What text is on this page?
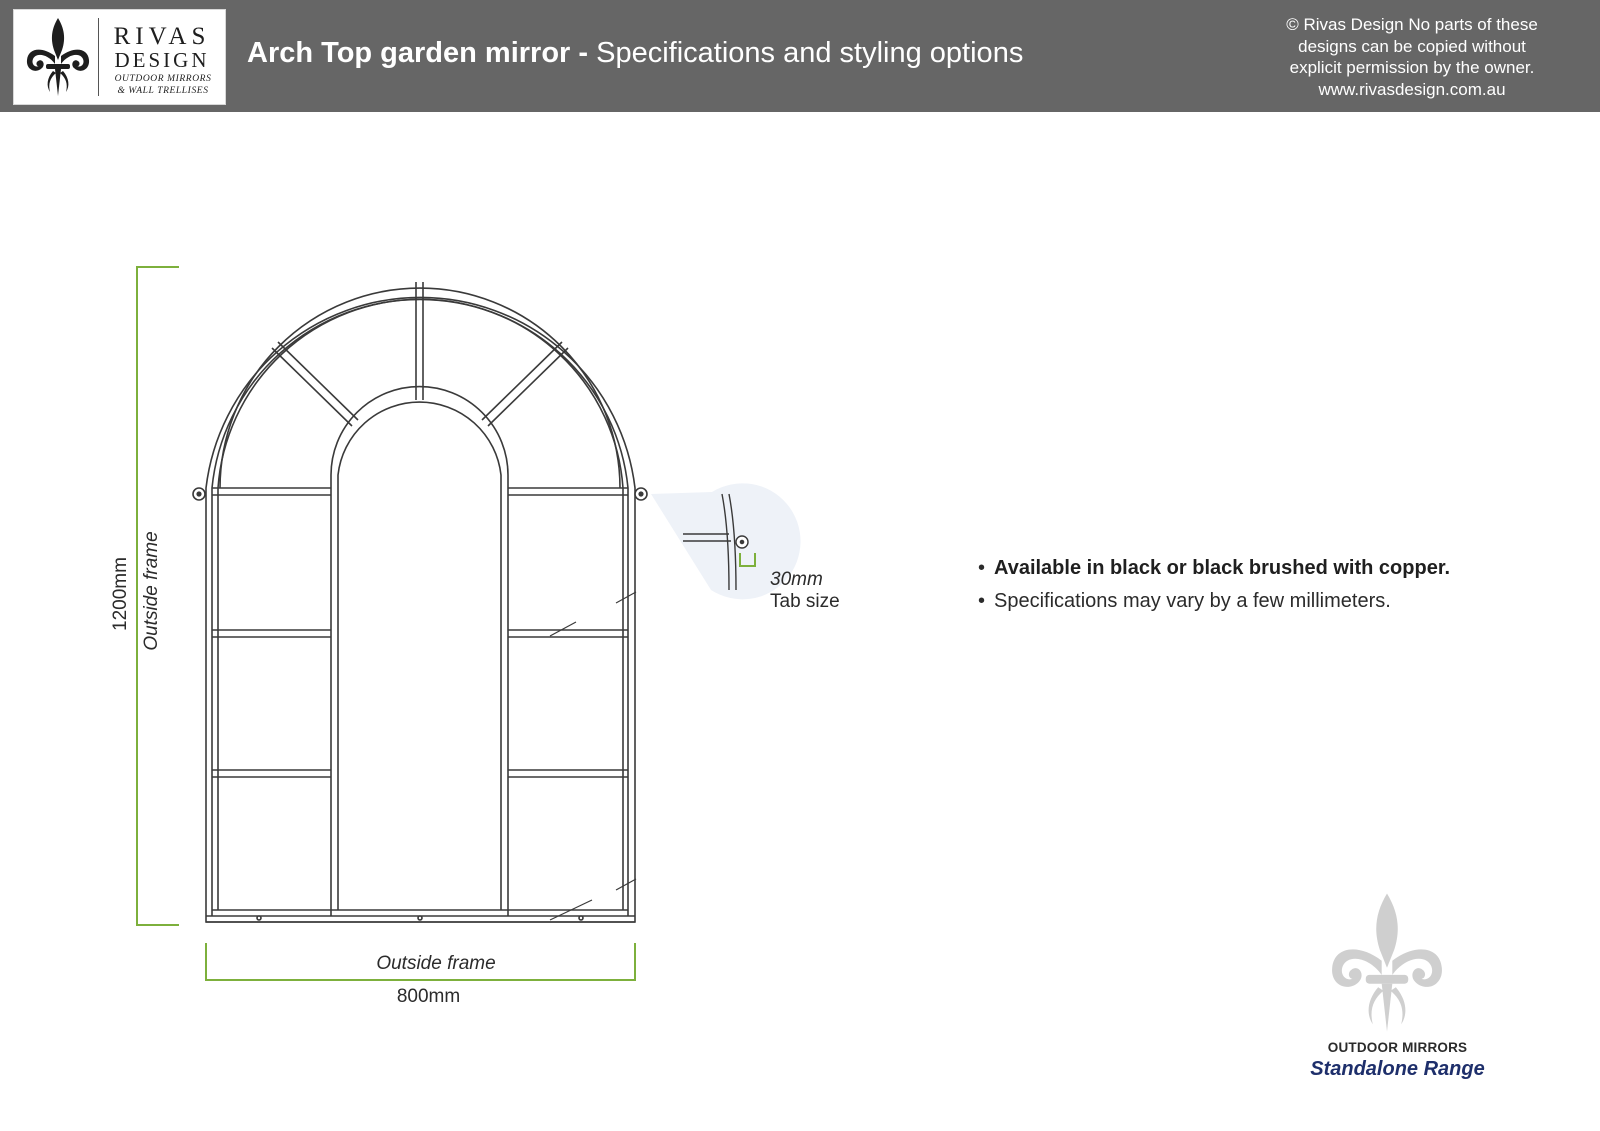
RIVAS
DESIGN
OUTDOOR MIRRORS
& WALL TRELLISES
Arch Top garden mirror - Specifications and styling options
© Rivas Design No parts of these
designs can be copied without
explicit permission by the owner.
www.rivasdesign.com.au
1200mm Outside frame
Outside frame
800mm
30mm
Tab size
• Available in black or black brushed with copper.
• Specifications may vary by a few millimeters.
OUTDOOR MIRRORS
Standalone Range
